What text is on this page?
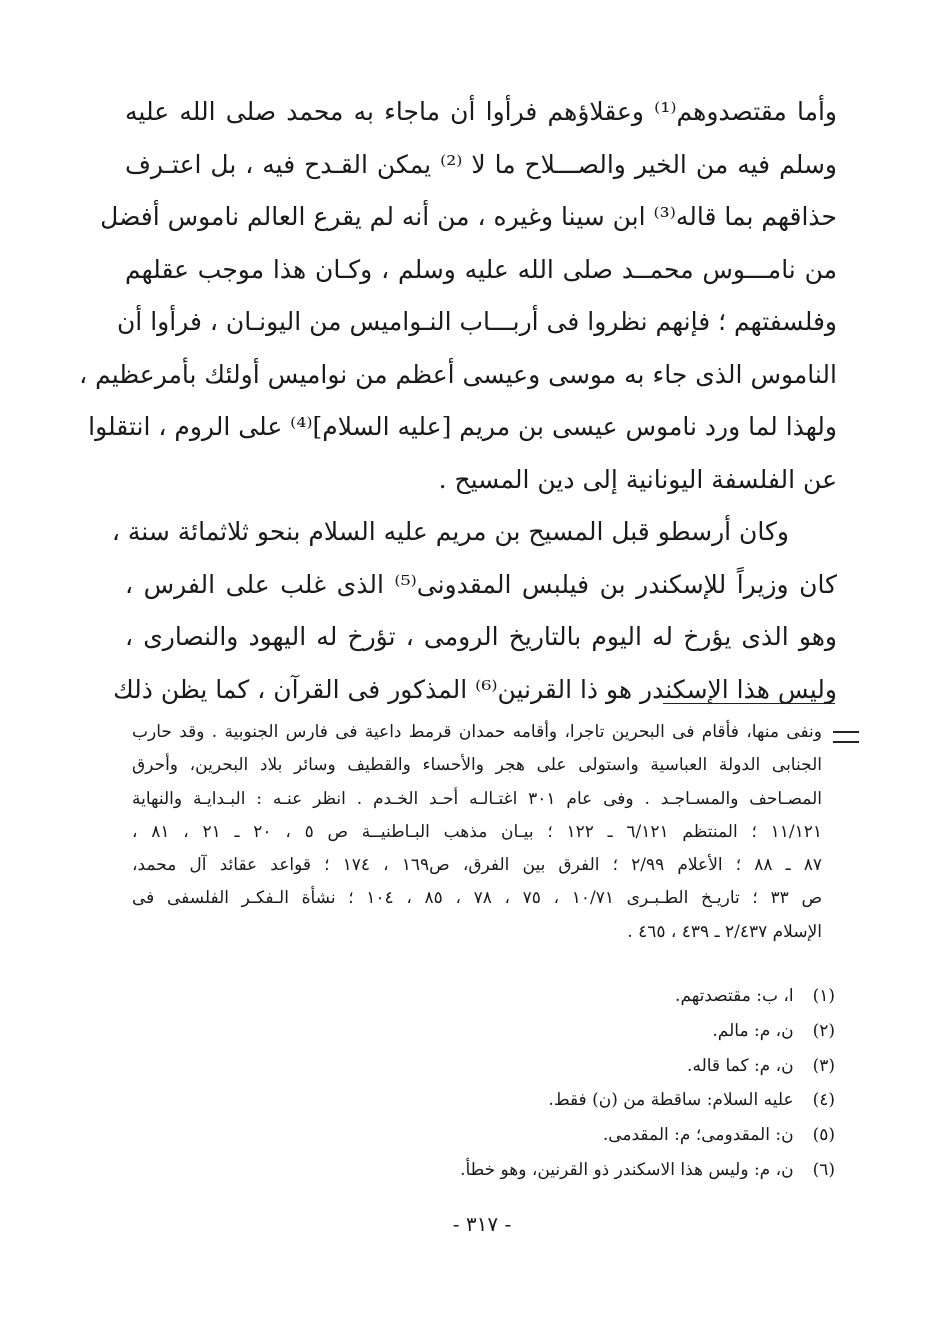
وأما مقتصدوهم⁽¹⁾ وعقلاؤهم فرأوا أن ماجاء به محمد صلى الله عليه
وسلم فيه من الخير والصـــلاح ما لا ⁽²⁾ يمكن القـدح فيه ، بل اعتـرف
حذاقهم بما قاله⁽³⁾ ابن سينا وغيره ، من أنه لم يقرع العالم ناموس أفضل
من نامـــوس محمــد صلى الله عليه وسلم ، وكـان هذا موجب عقلهم
وفلسفتهم ؛ فإنهم نظروا فى أربـــاب النـواميس من اليونـان ، فرأوا أن
الناموس الذى جاء به موسى وعيسى أعظم من نواميس أولئك بأمرعظيم ،
ولهذا لما ورد ناموس عيسى بن مريم [عليه السلام]⁽⁴⁾ على الروم ، انتقلوا
عن الفلسفة اليونانية إلى دين المسيح .
وكان أرسطو قبل المسيح بن مريم عليه السلام بنحو ثلاثمائة سنة ،
كان وزيراً للإسكندر بن فيلبس المقدونى⁽⁵⁾ الذى غلب على الفرس ،
وهو الذى يؤرخ له اليوم بالتاريخ الرومى ، تؤرخ له اليهود والنصارى ،
وليس هذا الإسكندر هو ذا القرنين⁽⁶⁾ المذكور فى القرآن ، كما يظن ذلك
ونفى منها، فأقام فى البحرين تاجرا، وأقامه حمدان قرمط داعية فى فارس الجنوبية . وقد حارب
الجنابى الدولة العباسية واستولى على هجر والأحساء والقطيف وسائر بلاد البحرين، وأحرق
المصـاحف والمسـاجـد . وفى عام ٣٠١ اغتـالـه أحـد الخـدم . انظر عنـه : البـدايـة والنهاية
١١/١٢١ ؛ المنتظم ٦/١٢١ ـ ١٢٢ ؛ بيـان مذهب البـاطنيــة ص ٥ ، ٢٠ ـ ٢١ ، ٨١ ،
٨٧ ـ ٨٨ ؛ الأعلام ٢/٩٩ ؛ الفرق بين الفرق، ص١٦٩ ، ١٧٤ ؛ قواعد عقائد آل محمد،
ص ٣٣ ؛ تاريـخ الطـبـرى ١٠/٧١ ، ٧٥ ، ٧٨ ، ٨٥ ، ١٠٤ ؛ نشأة الـفكـر الفلسفى فى
الإسلام ٢/٤٣٧ ـ ٤٣٩ ، ٤٦٥ .
(١) ا، ب: مقتصدتهم.
(٢) ن، م: مالم.
(٣) ن، م: كما قاله.
(٤) عليه السلام: ساقطة من (ن) فقط.
(٥) ن: المقدومى؛ م: المقدمى.
(٦) ن، م: وليس هذا الاسكندر ذو القرنين، وهو خطأ.
- ٣١٧ -
